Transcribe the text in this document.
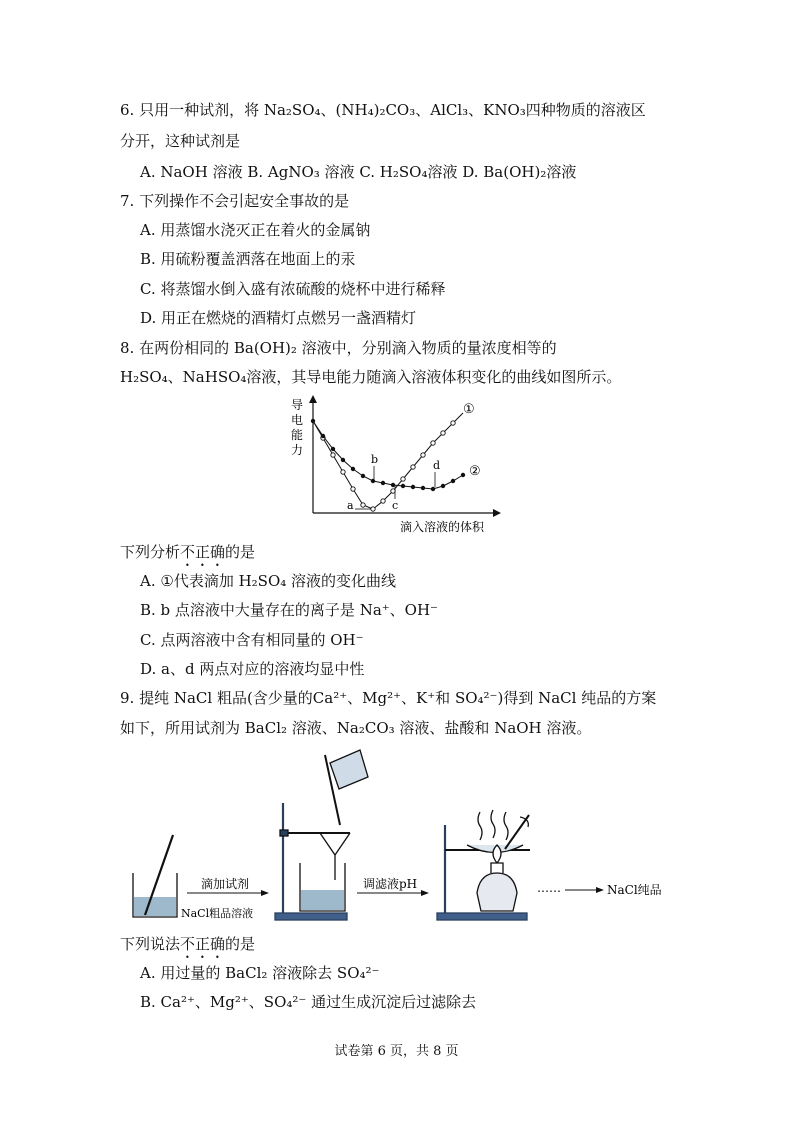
6. 只用一种试剂，将 Na₂SO₄、(NH₄)₂CO₃、AlCl₃、KNO₃四种物质的溶液区
分开，这种试剂是
A. NaOH 溶液 B. AgNO₃ 溶液 C. H₂SO₄溶液 D. Ba(OH)₂溶液
7. 下列操作不会引起安全事故的是
A. 用蒸馏水浇灭正在着火的金属钠
B. 用硫粉覆盖洒落在地面上的汞
C. 将蒸馏水倒入盛有浓硫酸的烧杯中进行稀释
D. 用正在燃烧的酒精灯点燃另一盏酒精灯
8. 在两份相同的 Ba(OH)₂ 溶液中，分别滴入物质的量浓度相等的
H₂SO₄、NaHSO₄溶液，其导电能力随滴入溶液体积变化的曲线如图所示。
导
电
能
力
滴入溶液的体积
①
②
a
b
c
d
下列分析不正确的是
A. ①代表滴加 H₂SO₄ 溶液的变化曲线
B. b 点溶液中大量存在的离子是 Na⁺、OH⁻
C. 点两溶液中含有相同量的 OH⁻
D. a、d 两点对应的溶液均显中性
9. 提纯 NaCl 粗品(含少量的Ca²⁺、Mg²⁺、K⁺和 SO₄²⁻)得到 NaCl 纯品的方案
如下，所用试剂为 BaCl₂ 溶液、Na₂CO₃ 溶液、盐酸和 NaOH 溶液。
NaCl粗品溶液
滴加试剂	调滤液pH	……	NaCl纯品
下列说法不正确的是
A. 用过量的 BaCl₂ 溶液除去 SO₄²⁻
B. Ca²⁺、Mg²⁺、SO₄²⁻ 通过生成沉淀后过滤除去
试卷第 6 页，共 8 页
